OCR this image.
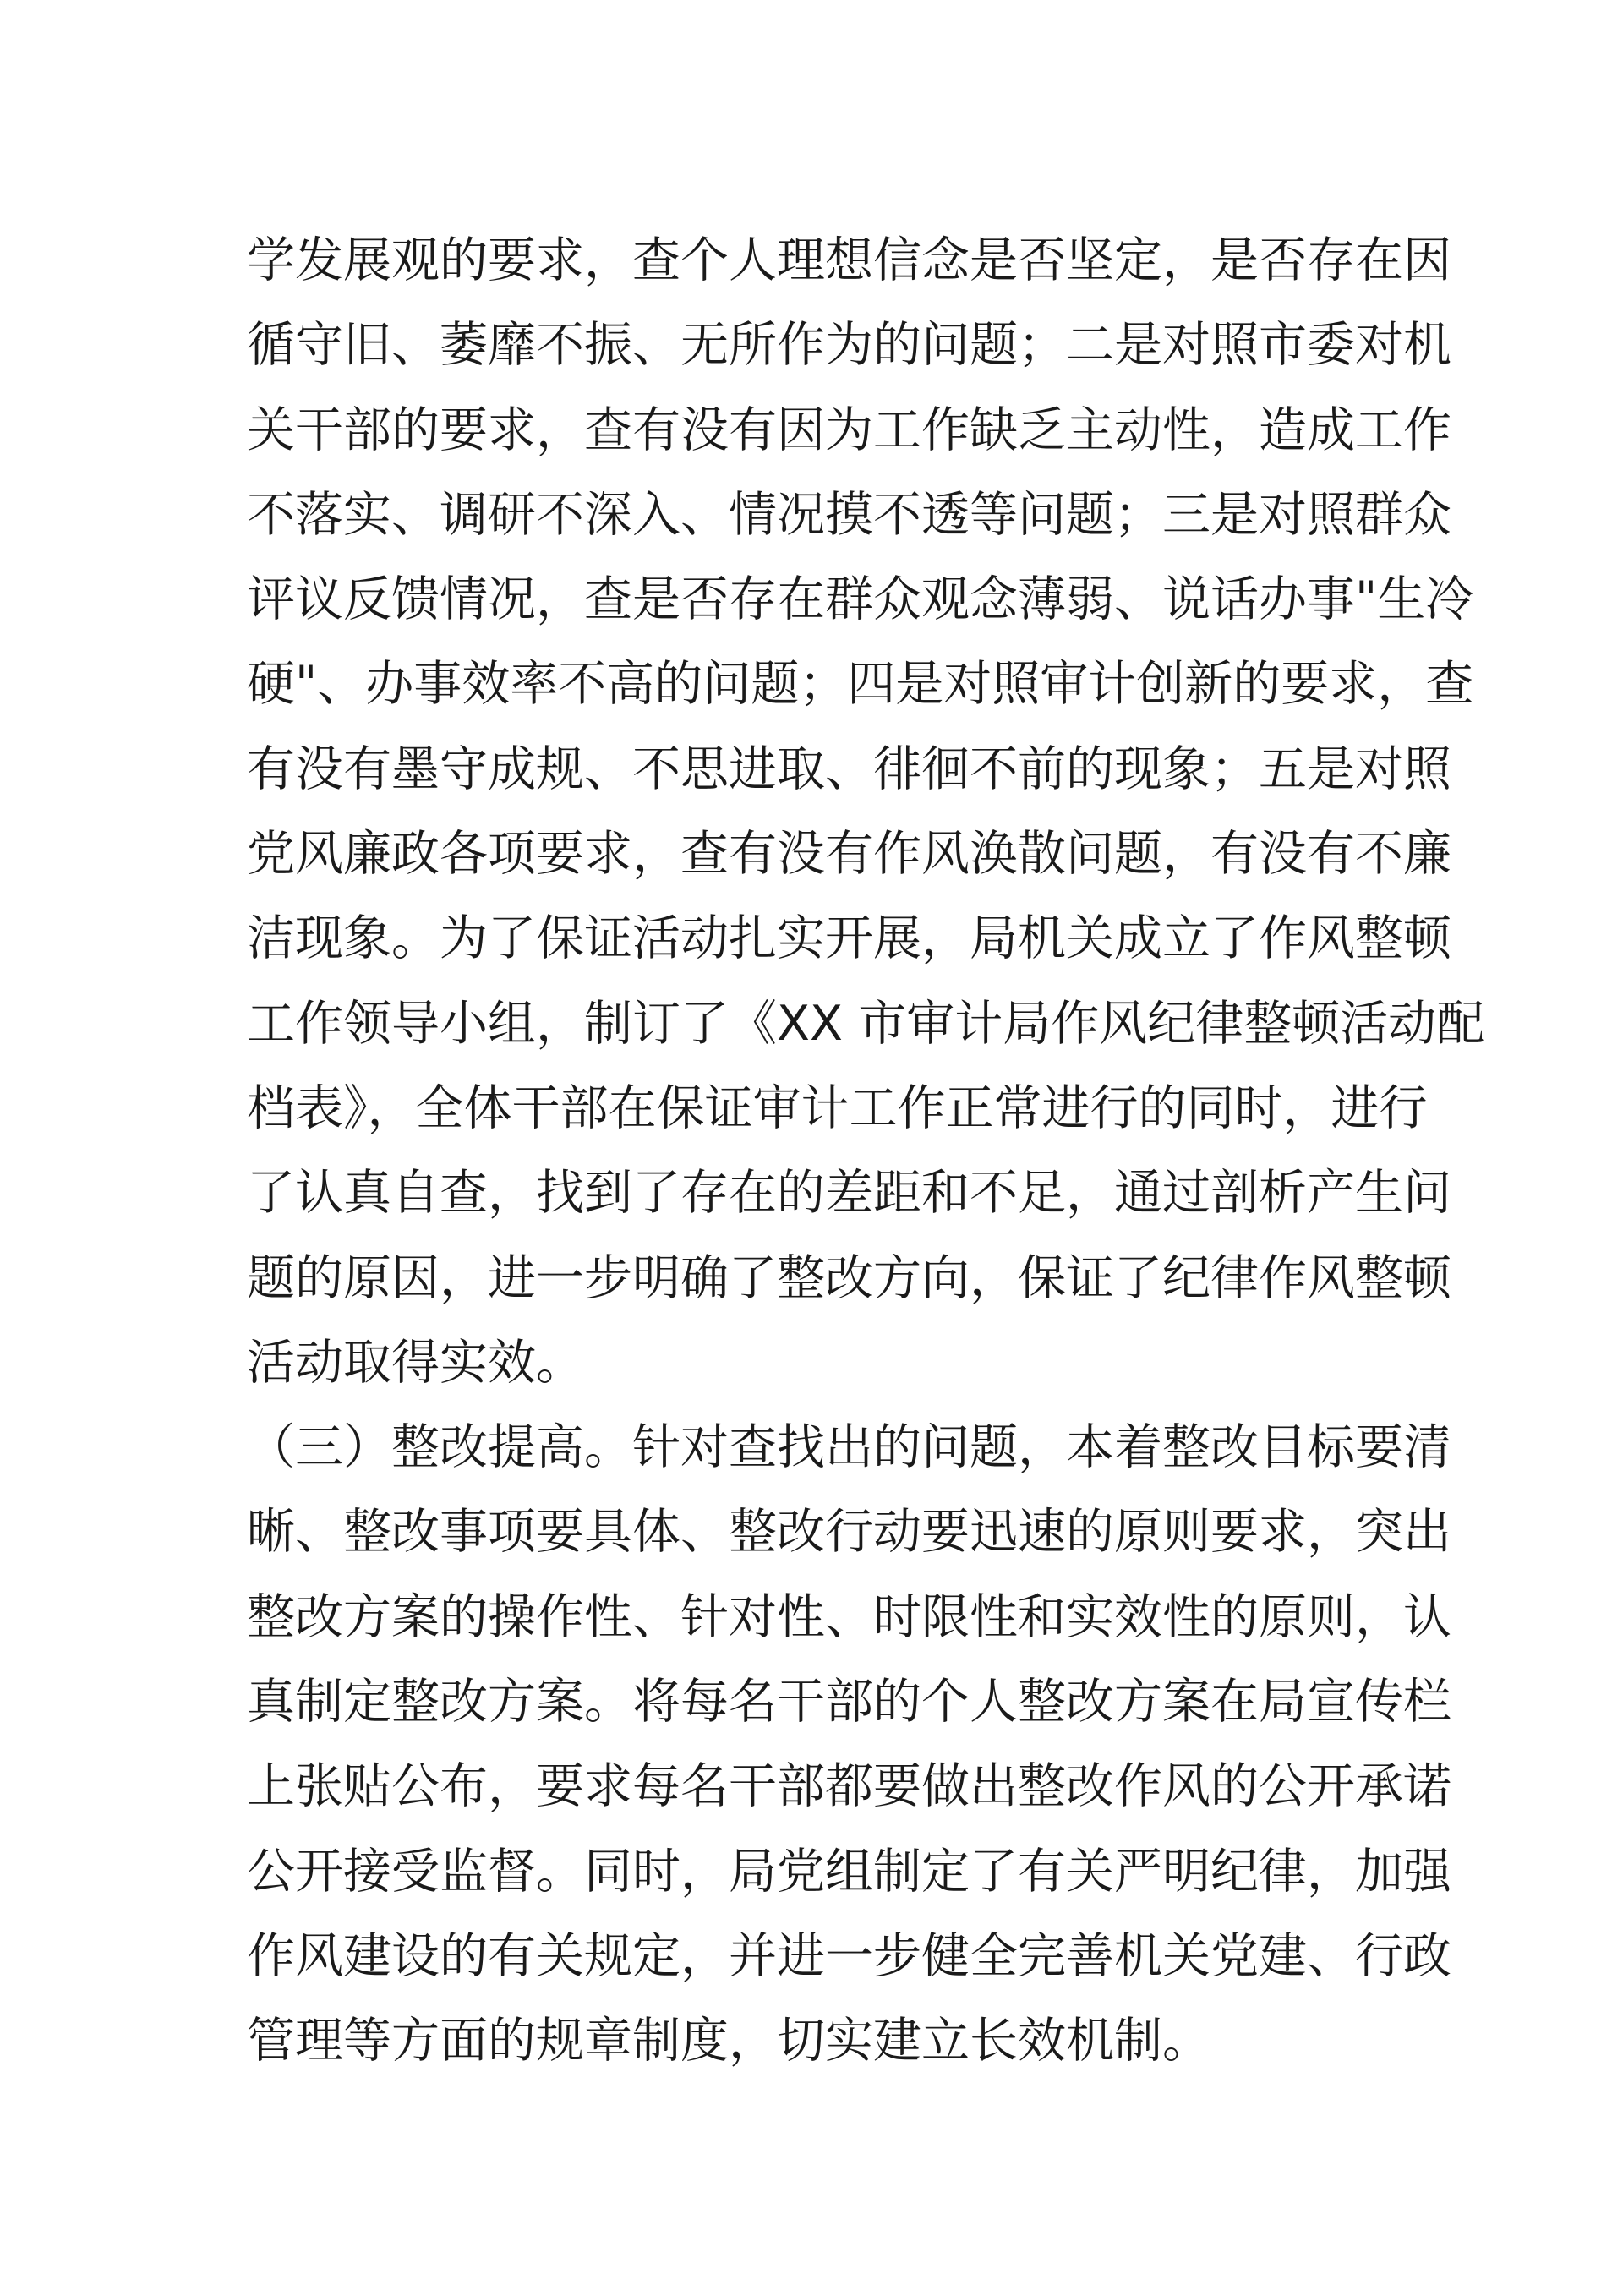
学发展观的要求，查个人理想信念是否坚定，是否存在因
循守旧、萎靡不振、无所作为的问题；二是对照市委对机
关干部的要求，查有没有因为工作缺乏主动性，造成工作
不落实、调研不深入、情况摸不透等问题；三是对照群众
评议反馈情况，查是否存在群众观念薄弱、说话办事"生冷
硬"、办事效率不高的问题；四是对照审计创新的要求，查
有没有墨守成规、不思进取、徘徊不前的现象；五是对照
党风廉政各项要求，查有没有作风涣散问题，有没有不廉
洁现象。为了保证活动扎实开展，局机关成立了作风整顿
工作领导小组，制订了《XX 市审计局作风纪律整顿活动配
档表》，全体干部在保证审计工作正常进行的同时，进行
了认真自查，找到了存在的差距和不足，通过剖析产生问
题的原因，进一步明确了整改方向，保证了纪律作风整顿
活动取得实效。
（三）整改提高。针对查找出的问题，本着整改目标要清
晰、整改事项要具体、整改行动要迅速的原则要求，突出
整改方案的操作性、针对性、时限性和实效性的原则，认
真制定整改方案。将每名干部的个人整改方案在局宣传栏
上张贴公布，要求每名干部都要做出整改作风的公开承诺
公开接受监督。同时，局党组制定了有关严明纪律，加强
作风建设的有关规定，并进一步健全完善机关党建、行政
管理等方面的规章制度，切实建立长效机制。
